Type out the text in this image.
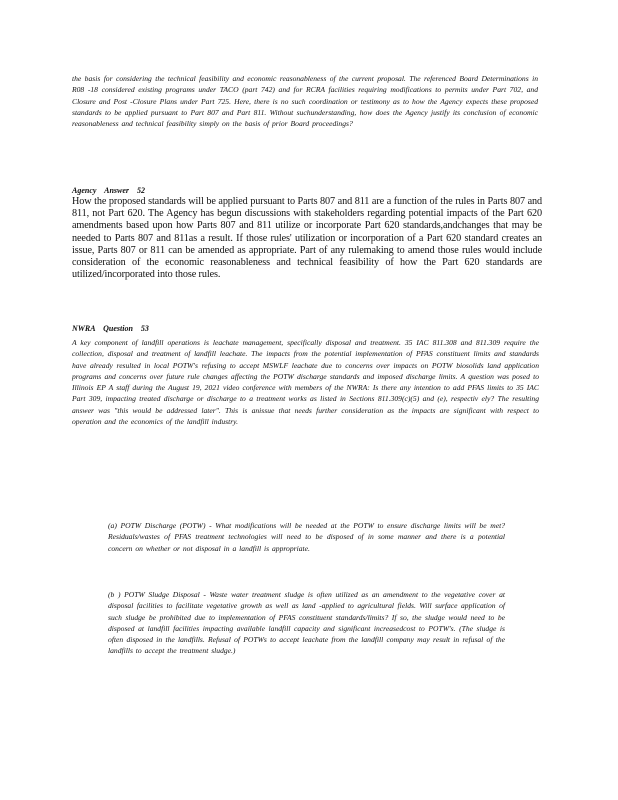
the basis for considering the technical feasibility and economic reasonableness of the current proposal. The referenced Board Determinations in R08 -18 considered existing programs under TACO (part 742) and for RCRA facilities requiring modifications to permits under Part 702, and Closure and Post -Closure Plans under Part 725. Here, there is no such coordination or testimony as to how the Agency expects these proposed standards to be applied pursuant to Part 807 and Part 811. Without suchunderstanding, how does the Agency justify its conclusion of economic reasonableness and technical feasibility simply on the basis of prior Board proceedings?

Agency    Answer    52

How the proposed standards will be applied pursuant to Parts 807 and 811 are a function of the rules in Parts 807 and 811, not Part 620. The Agency has begun discussions with stakeholders regarding potential impacts of the Part 620 amendments based upon how Parts 807 and 811 utilize or incorporate Part 620 standards,andchanges that may be needed to Parts 807 and 811as a result. If those rules' utilization or incorporation of a Part 620 standard creates an issue, Parts 807 or 811 can be amended as appropriate. Part of any rulemaking to amend those rules would include consideration of the economic reasonableness and technical feasibility of how the Part 620 standards are utilized/incorporated into those rules.

NWRA    Question    53

A key component of landfill operations is leachate management, specifically disposal and treatment. 35 IAC 811.308 and 811.309 require the collection, disposal and treatment of landfill leachate. The impacts from the potential implementation of PFAS constituent limits and standards have already resulted in local POTW's refusing to accept MSWLF leachate due to concerns over impacts on POTW biosolids land application programs and concerns over future rule changes affecting the POTW discharge standards and imposed discharge limits. A question was posed to Illinois EP A staff during the August 19, 2021 video conference with members of the NWRA: Is there any intention to add PFAS limits to 35 IAC Part 309, impacting treated discharge or discharge to a treatment works as listed in Sections 811.309(c)(5) and (e), respectiv ely? The resulting answer was "this would be addressed later". This is anissue that needs further consideration as the impacts are significant with respect to operation and the economics of the landfill industry.

(a) POTW Discharge (POTW) - What modifications will be needed at the POTW to ensure discharge limits will be met? Residuals/wastes of PFAS treatment technologies will need to be disposed of in some manner and there is a potential concern on whether or not disposal in a landfill is appropriate.

(b ) POTW Sludge Disposal - Waste water treatment sludge is often utilized as an amendment to the vegetative cover at disposal facilities to facilitate vegetative growth as well as land -applied to agricultural fields. Will surface application of such sludge be prohibited due to implementation of PFAS constituent standards/limits? If so, the sludge would need to be disposed at landfill facilities impacting available landfill capacity and significant increasedcost to POTW's. (The sludge is often disposed in the landfills. Refusal of POTWs to accept leachate from the landfill company may result in refusal of the landfills to accept the treatment sludge.)
